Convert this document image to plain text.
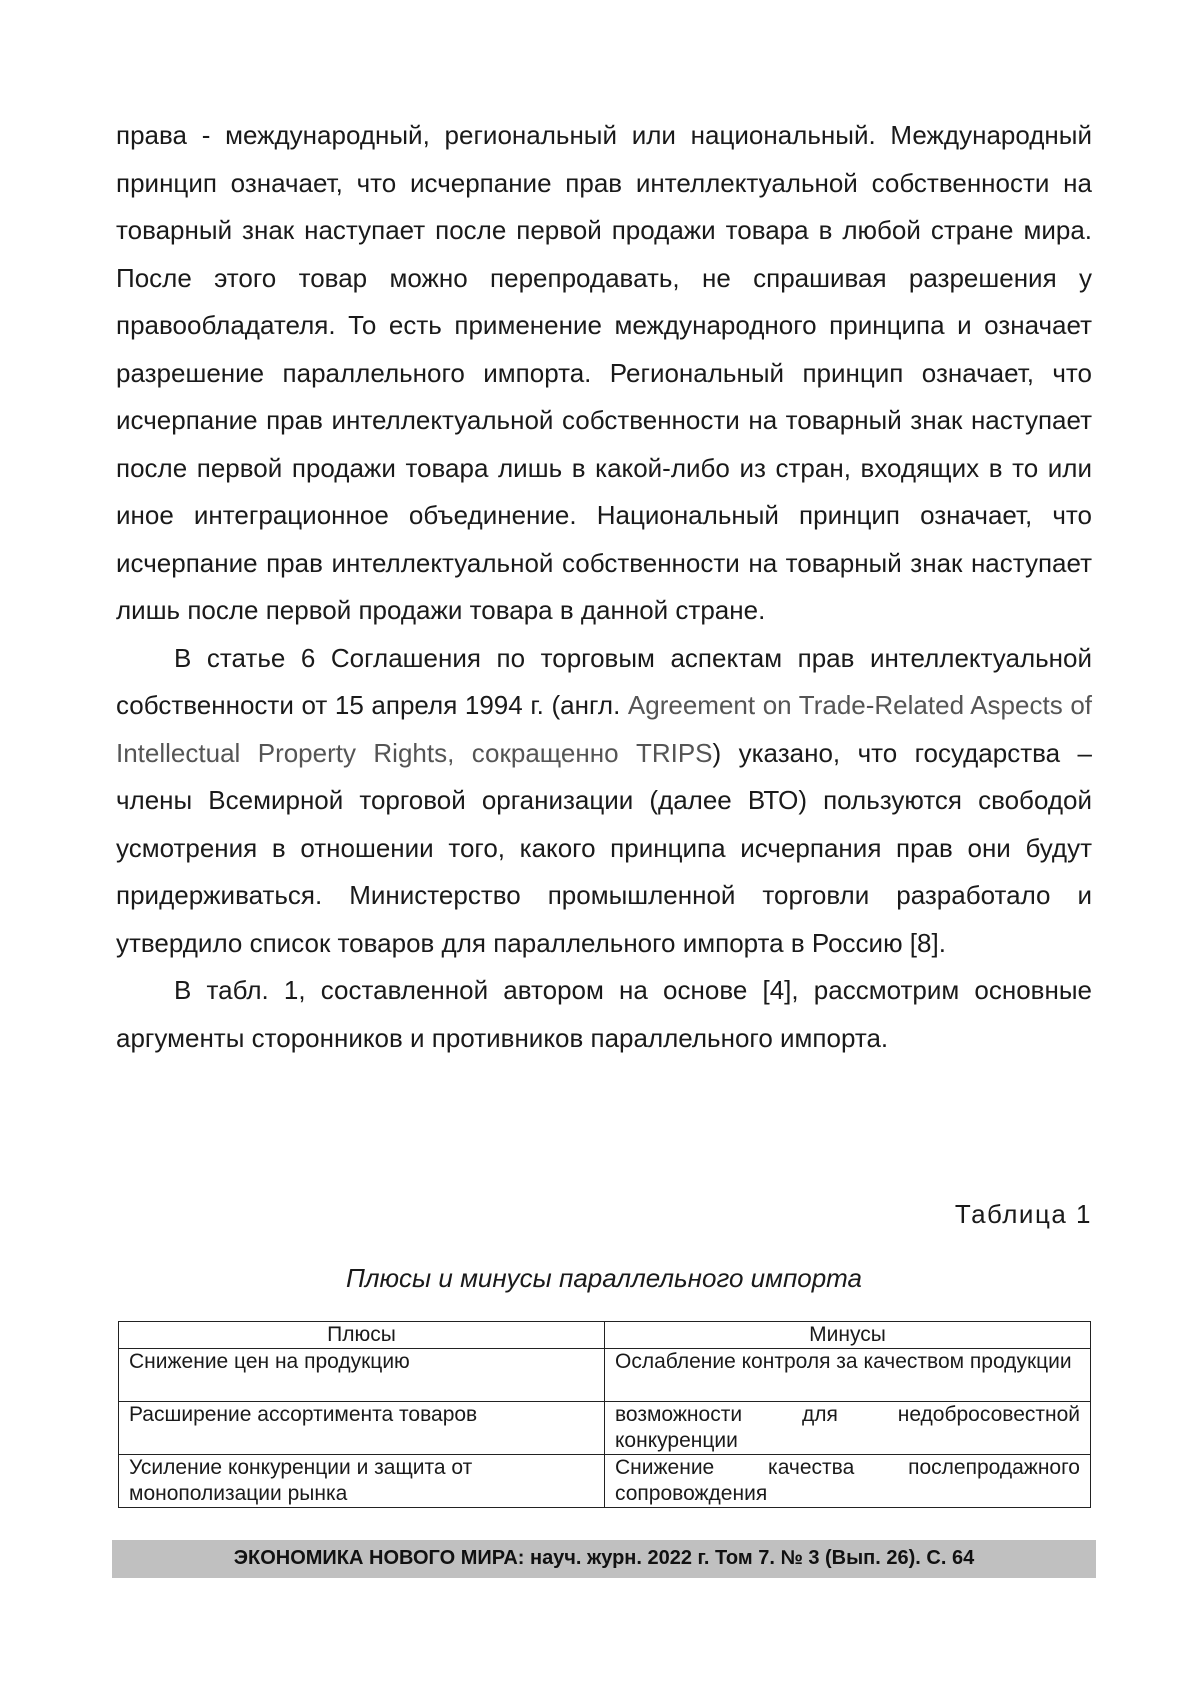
права - международный, региональный или национальный. Международный принцип означает, что исчерпание прав интеллектуальной собственности на товарный знак наступает после первой продажи товара в любой стране мира. После этого товар можно перепродавать, не спрашивая разрешения у правообладателя. То есть применение международного принципа и означает разрешение параллельного импорта. Региональный принцип означает, что исчерпание прав интеллектуальной собственности на товарный знак наступает после первой продажи товара лишь в какой-либо из стран, входящих в то или иное интеграционное объединение. Национальный принцип означает, что исчерпание прав интеллектуальной собственности на товарный знак наступает лишь после первой продажи товара в данной стране.

В статье 6 Соглашения по торговым аспектам прав интеллектуальной собственности от 15 апреля 1994 г. (англ. Agreement on Trade-Related Aspects of Intellectual Property Rights, сокращенно TRIPS) указано, что государства – члены Всемирной торговой организации (далее ВТО) пользуются свободой усмотрения в отношении того, какого принципа исчерпания прав они будут придерживаться. Министерство промышленной торговли разработало и утвердило список товаров для параллельного импорта в Россию [8].

В табл. 1, составленной автором на основе [4], рассмотрим основные аргументы сторонников и противников параллельного импорта.

Таблица 1
Плюсы и минусы параллельного импорта
Плюсы	Минусы
Снижение цен на продукцию	Ослабление контроля за качеством продукции
Расширение ассортимента товаров	возможности для недобросовестной конкуренции
Усиление конкуренции и защита от монополизации рынка	Снижение качества послепродажного сопровождения
ЭКОНОМИКА НОВОГО МИРА: науч. журн. 2022 г. Том 7. № 3 (Вып. 26). С. 64
